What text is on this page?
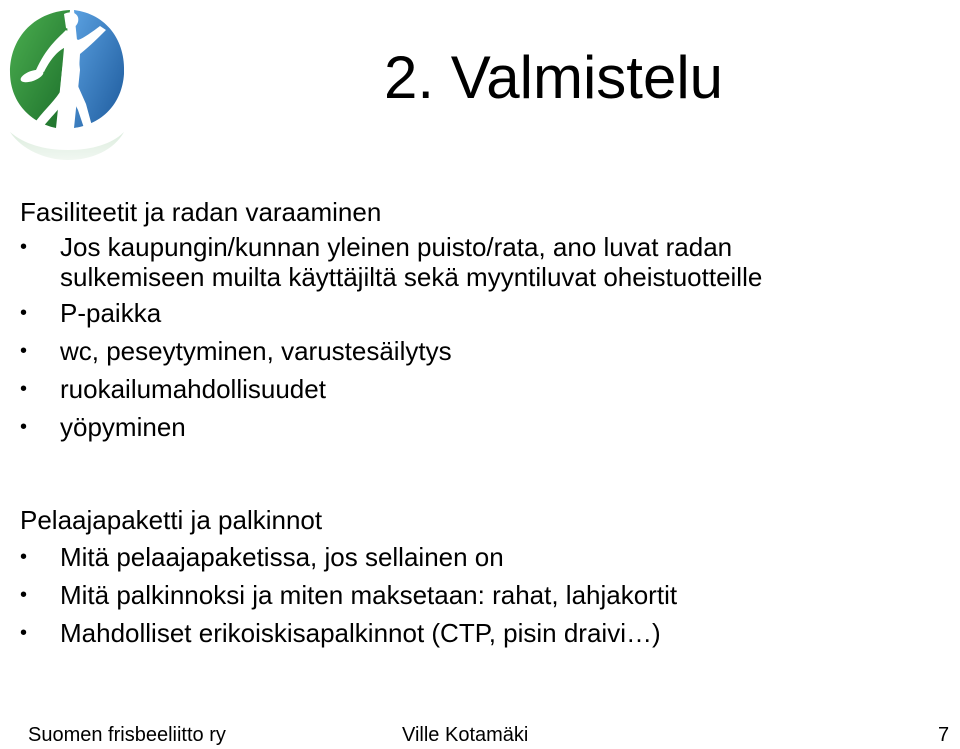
2. Valmistelu
Fasiliteetit ja radan varaaminen
• Jos kaupungin/kunnan yleinen puisto/rata, ano luvat radan
sulkemiseen muilta käyttäjiltä sekä myyntiluvat oheistuotteille
• P-paikka
• wc, peseytyminen, varustesäilytys
• ruokailumahdollisuudet
• yöpyminen
Pelaajapaketti ja palkinnot
• Mitä pelaajapaketissa, jos sellainen on
• Mitä palkinnoksi ja miten maksetaan: rahat, lahjakortit
• Mahdolliset erikoiskisapalkinnot (CTP, pisin draivi…)
Suomen frisbeeliitto ry	Ville Kotamäki	7
